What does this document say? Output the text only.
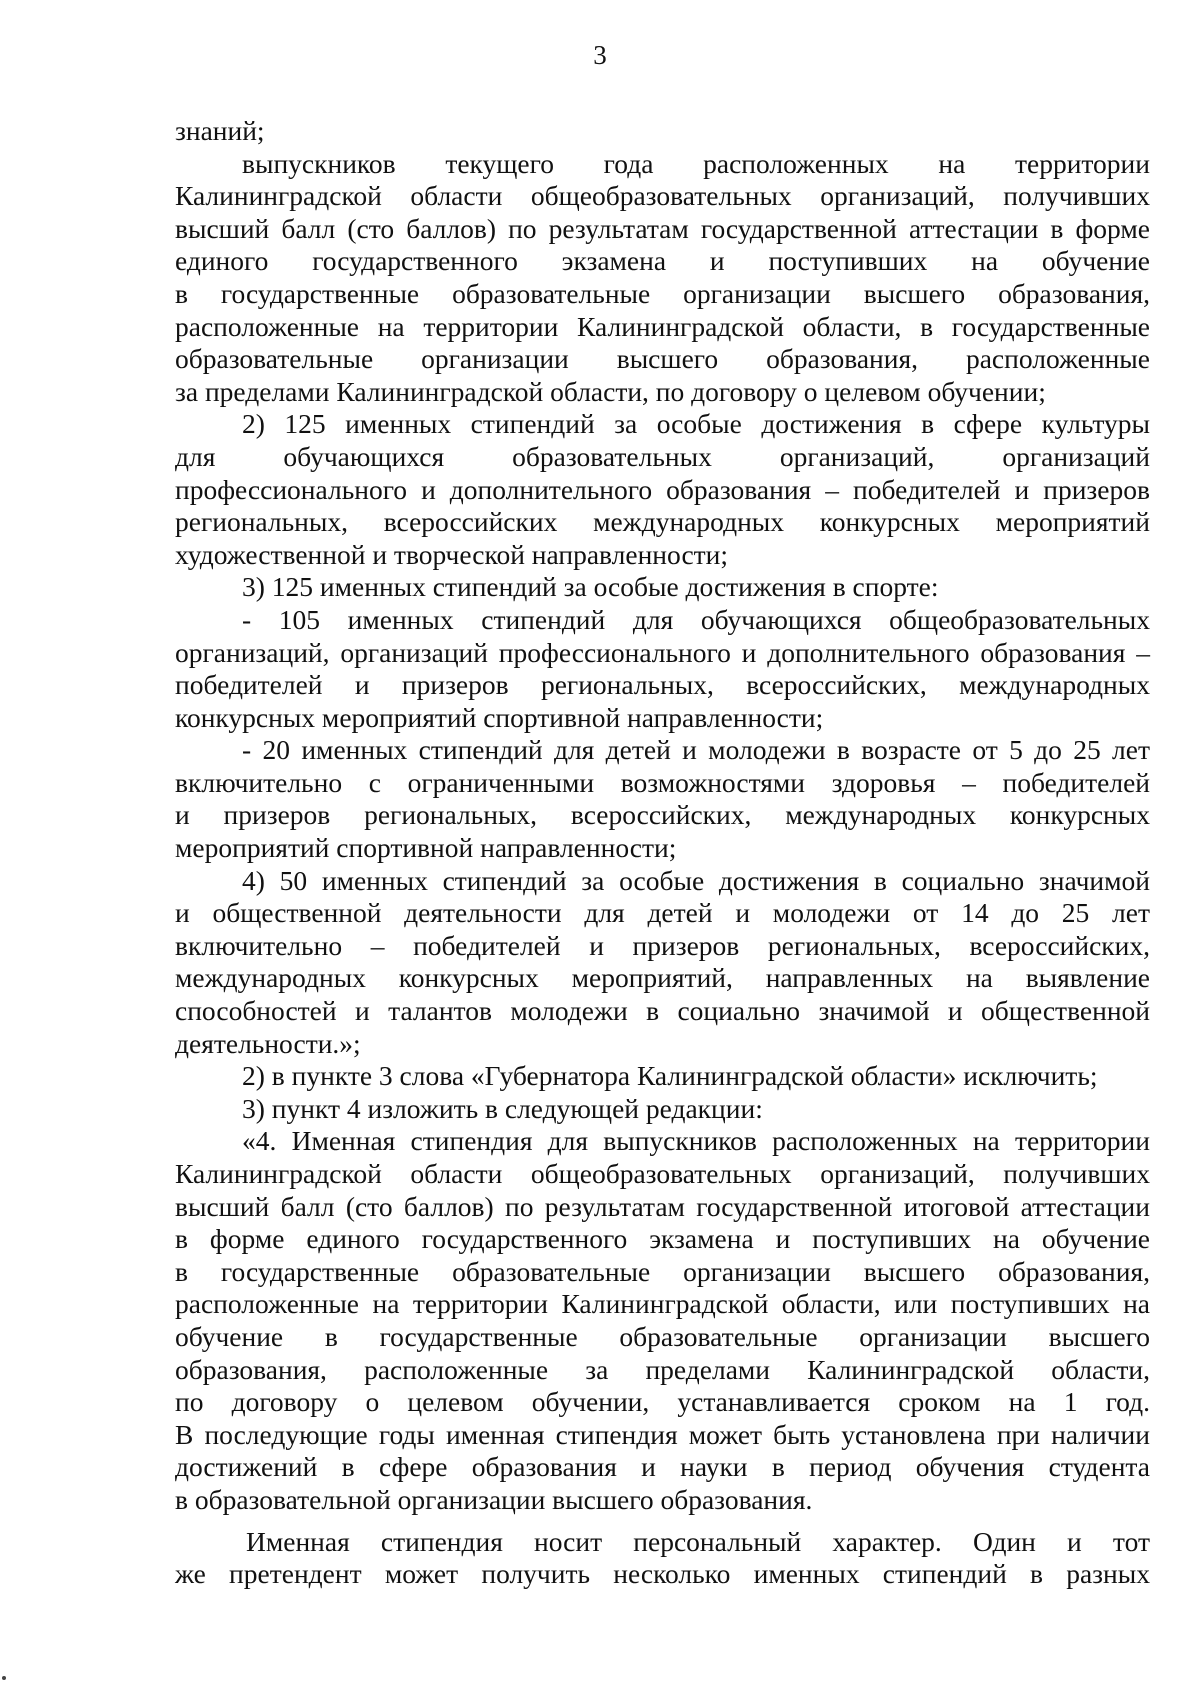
3
знаний;
выпускников текущего года расположенных на территории
Калининградской области общеобразовательных организаций, получивших
высший балл (сто баллов) по результатам государственной аттестации в форме
единого государственного экзамена и поступивших на обучение
в государственные образовательные организации высшего образования,
расположенные на территории Калининградской области, в государственные
образовательные организации высшего образования, расположенные
за пределами Калининградской области, по договору о целевом обучении;
2) 125 именных стипендий за особые достижения в сфере культуры
для обучающихся образовательных организаций, организаций
профессионального и дополнительного образования – победителей и призеров
региональных, всероссийских международных конкурсных мероприятий
художественной и творческой направленности;
3) 125 именных стипендий за особые достижения в спорте:
- 105 именных стипендий для обучающихся общеобразовательных
организаций, организаций профессионального и дополнительного образования –
победителей и призеров региональных, всероссийских, международных
конкурсных мероприятий спортивной направленности;
- 20 именных стипендий для детей и молодежи в возрасте от 5 до 25 лет
включительно с ограниченными возможностями здоровья – победителей
и призеров региональных, всероссийских, международных конкурсных
мероприятий спортивной направленности;
4) 50 именных стипендий за особые достижения в социально значимой
и общественной деятельности для детей и молодежи от 14 до 25 лет
включительно – победителей и призеров региональных, всероссийских,
международных конкурсных мероприятий, направленных на выявление
способностей и талантов молодежи в социально значимой и общественной
деятельности.»;
2) в пункте 3 слова «Губернатора Калининградской области» исключить;
3) пункт 4 изложить в следующей редакции:
«4. Именная стипендия для выпускников расположенных на территории
Калининградской области общеобразовательных организаций, получивших
высший балл (сто баллов) по результатам государственной итоговой аттестации
в форме единого государственного экзамена и поступивших на обучение
в государственные образовательные организации высшего образования,
расположенные на территории Калининградской области, или поступивших на
обучение в государственные образовательные организации высшего
образования, расположенные за пределами Калининградской области,
по договору о целевом обучении, устанавливается сроком на 1 год.
В последующие годы именная стипендия может быть установлена при наличии
достижений в сфере образования и науки в период обучения студента
в образовательной организации высшего образования.
Именная стипендия носит персональный характер. Один и тот
же претендент может получить несколько именных стипендий в разных
